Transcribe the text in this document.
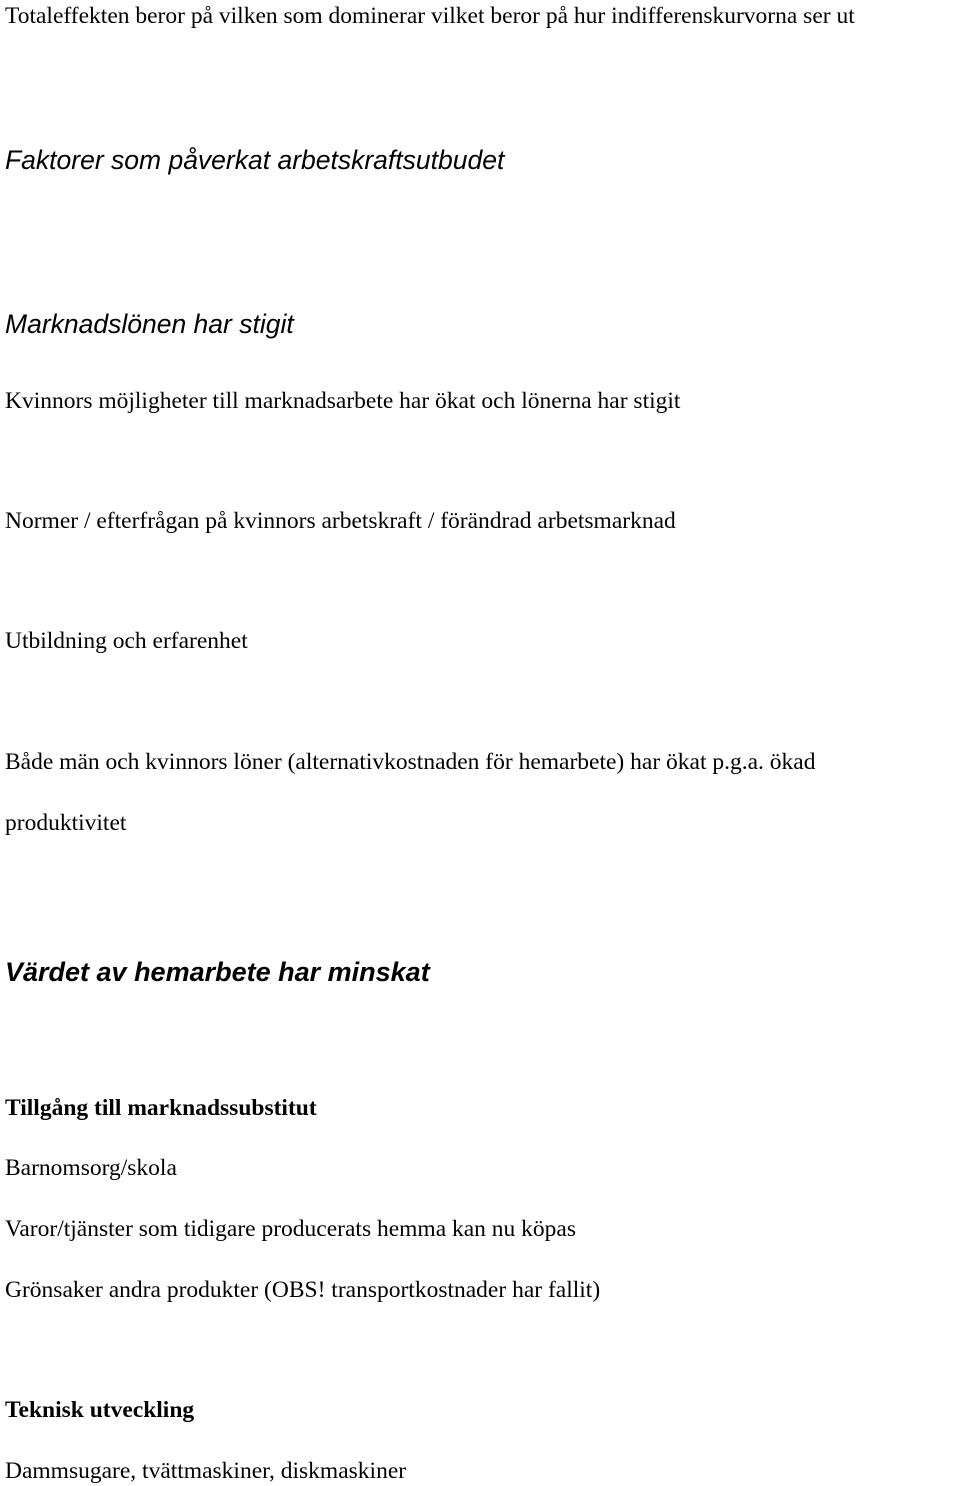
Totaleffekten beror på vilken som dominerar vilket beror på hur indifferenskurvorna ser ut

Faktorer som påverkat arbetskraftsutbudet
Marknadslönen har stigit

Kvinnors möjligheter till marknadsarbete har ökat och lönerna har stigit

Normer / efterfrågan på kvinnors arbetskraft / förändrad arbetsmarknad

Utbildning och erfarenhet

Både män och kvinnors löner (alternativkostnaden för hemarbete) har ökat p.g.a. ökad

produktivitet

Värdet av hemarbete har minskat

Tillgång till marknadssubstitut

Barnomsorg/skola

Varor/tjänster som tidigare producerats hemma kan nu köpas

Grönsaker andra produkter (OBS! transportkostnader har fallit)

Teknisk utveckling

Dammsugare, tvättmaskiner, diskmaskiner
